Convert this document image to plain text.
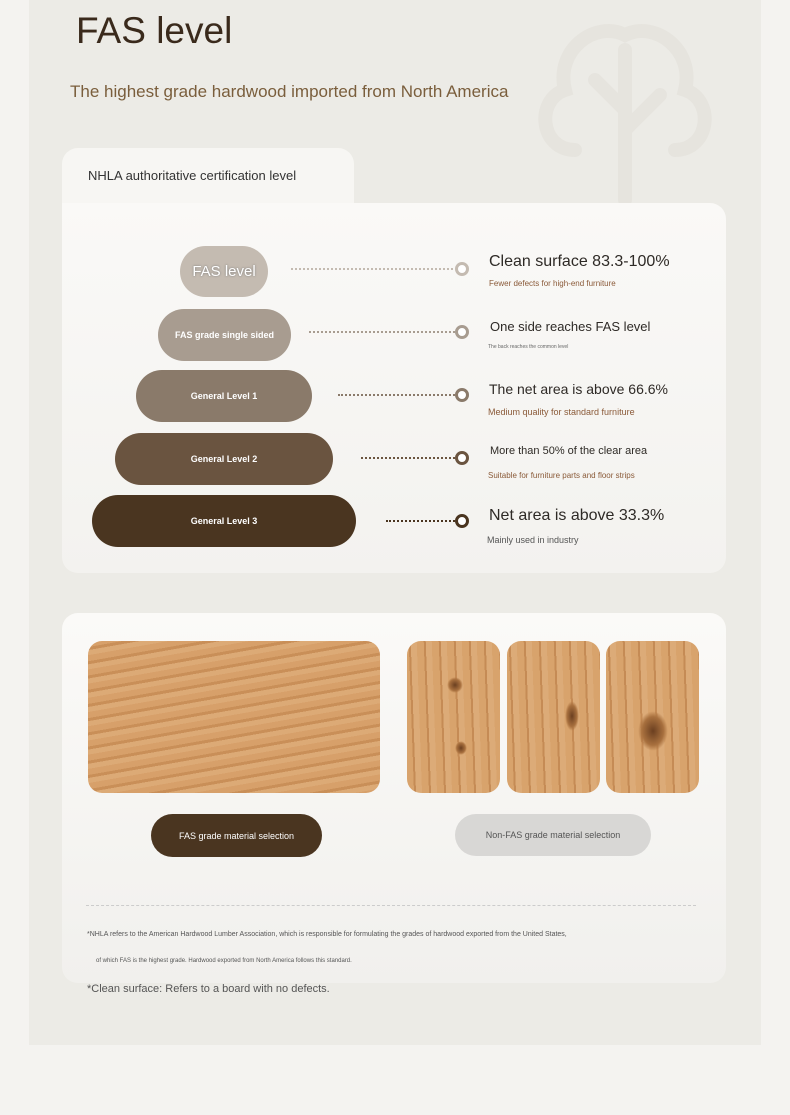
FAS level
The highest grade hardwood imported from North America
NHLA authoritative certification level
FAS level
Clean surface 83.3-100%
Fewer defects for high-end furniture
FAS grade single sided
One side reaches FAS level
The back reaches the common level
General Level 1	The net area is above 66.6%
Medium quality for standard furniture
General Level 2
More than 50% of the clear area
Suitable for furniture parts and floor strips
General Level 3	Net area is above 33.3%
Mainly used in industry
FAS grade material selection	Non-FAS grade material selection
*NHLA refers to the American Hardwood Lumber Association, which is responsible for formulating the grades of hardwood exported from the United States,
of which FAS is the highest grade. Hardwood exported from North America follows this standard.
*Clean surface: Refers to a board with no defects.
